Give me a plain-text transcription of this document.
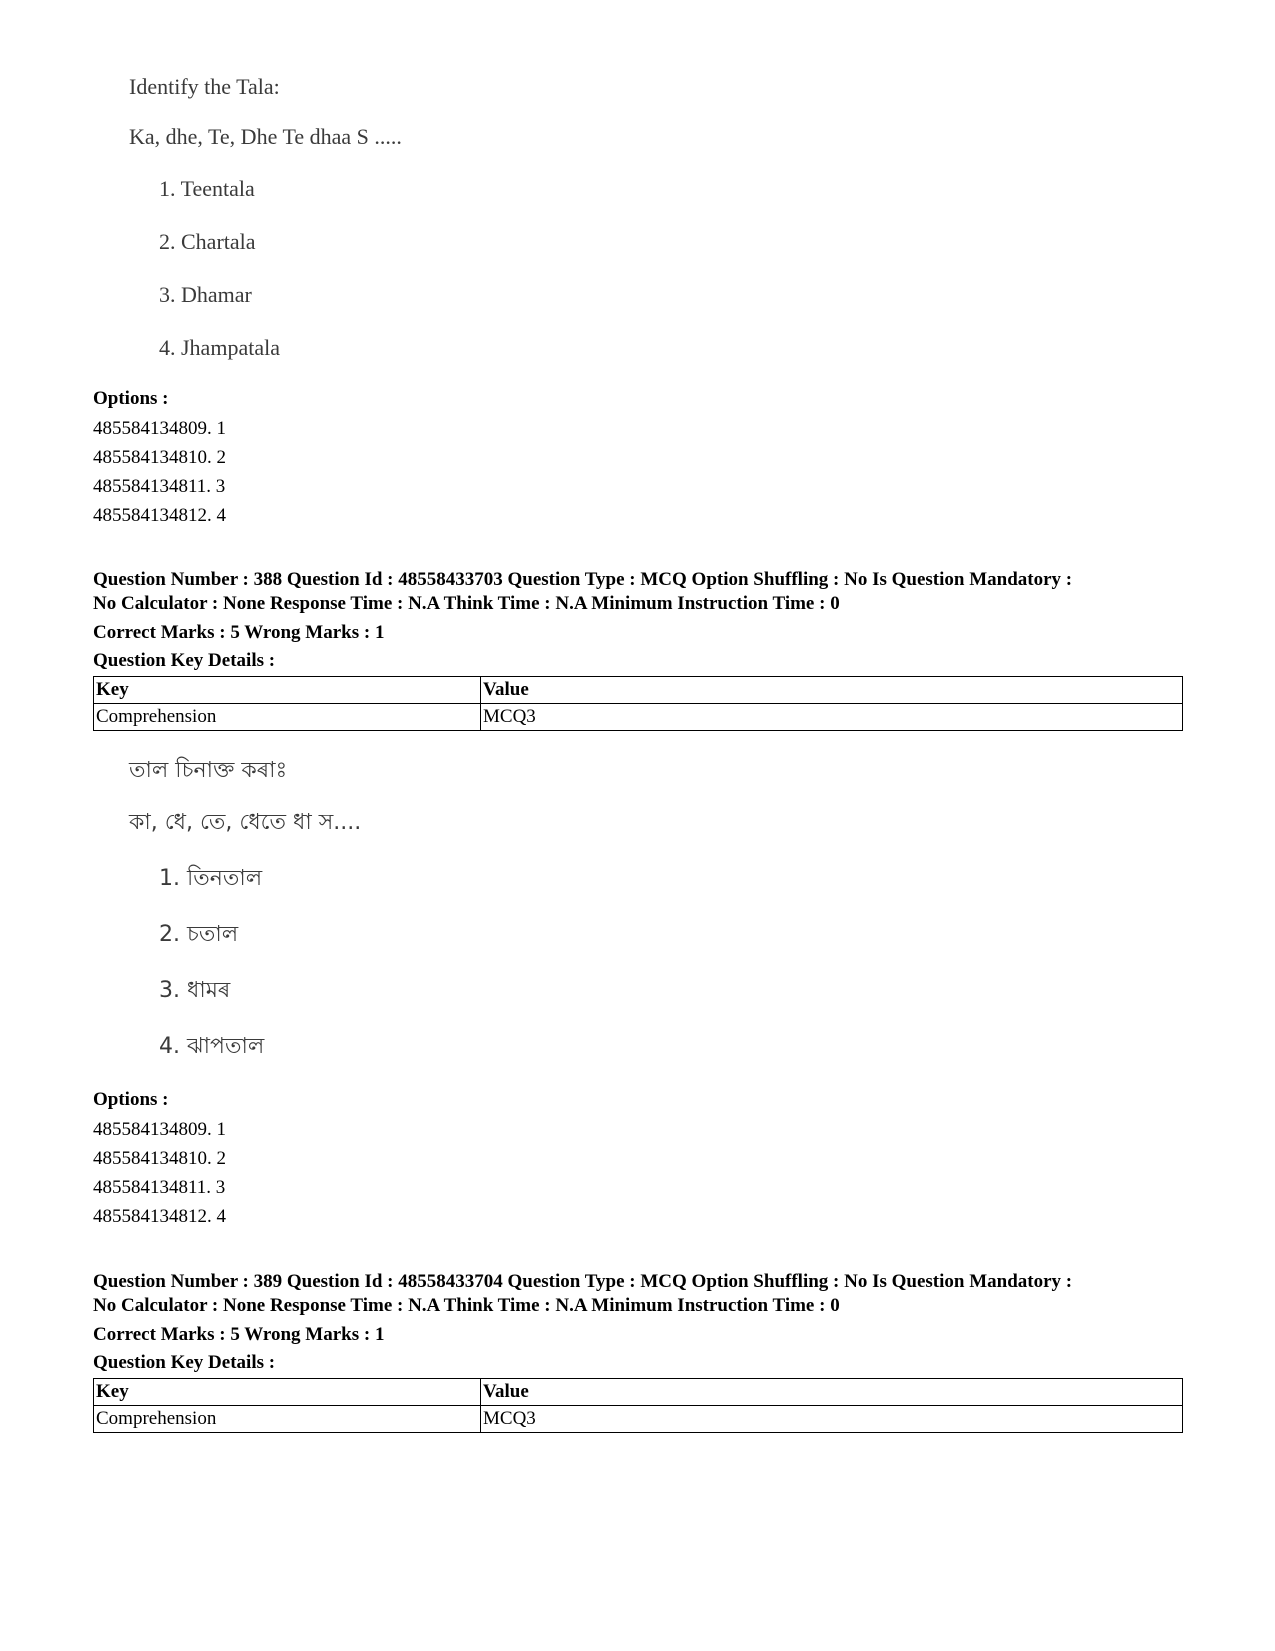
Identify the Tala:
Ka, dhe, Te, Dhe Te dhaa S .....
1. Teentala
2. Chartala
3. Dhamar
4. Jhampatala
Options :
485584134809. 1
485584134810. 2
485584134811. 3
485584134812. 4
Question Number : 388 Question Id : 48558433703 Question Type : MCQ Option Shuffling : No Is Question Mandatory :
No Calculator : None Response Time : N.A Think Time : N.A Minimum Instruction Time : 0
Correct Marks : 5 Wrong Marks : 1
Question Key Details :
Key	Value
Comprehension	MCQ3
তাল চিনাক্ত কৰাঃ
কা, ধে, তে, ধেতে ধা স....
1. তিনতাল
2. চতাল
3. ধামৰ
4. ঝাপতাল
Options :
485584134809. 1
485584134810. 2
485584134811. 3
485584134812. 4
Question Number : 389 Question Id : 48558433704 Question Type : MCQ Option Shuffling : No Is Question Mandatory :
No Calculator : None Response Time : N.A Think Time : N.A Minimum Instruction Time : 0
Correct Marks : 5 Wrong Marks : 1
Question Key Details :
Key	Value
Comprehension	MCQ3
